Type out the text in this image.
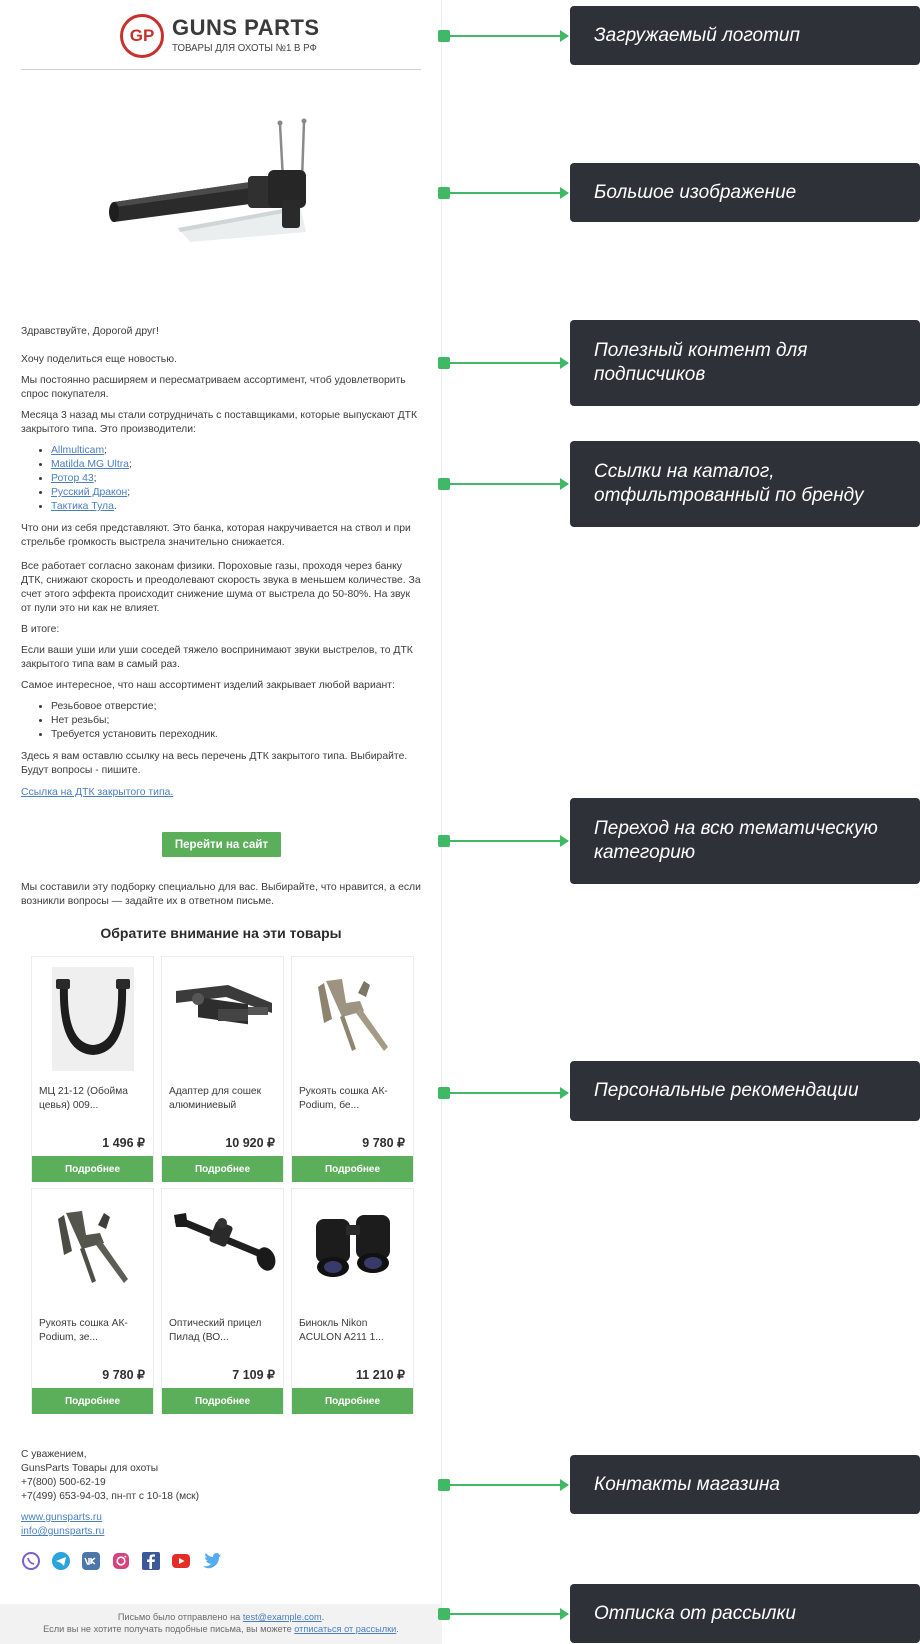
GP GUNS PARTS
ТОВАРЫ ДЛЯ ОХОТЫ №1 В РФ

Здравствуйте, Дорогой друг!

Хочу поделиться еще новостью.

Мы постоянно расширяем и пересматриваем ассортимент, чтоб удовлетворить спрос покупателя.

Месяца 3 назад мы стали сотрудничать с поставщиками, которые выпускают ДТК закрытого типа. Это производители:

• Allmulticam;
• Matilda MG Ultra;
• Ротор 43;
• Русский Дракон;
• Тактика Тула.

Что они из себя представляют. Это банка, которая накручивается на ствол и при стрельбе громкость выстрела значительно снижается.

Все работает согласно законам физики. Пороховые газы, проходя через банку ДТК, снижают скорость и преодолевают скорость звука в меньшем количестве. За счет этого эффекта происходит снижение шума от выстрела до 50-80%. На звук от пули это ни как не влияет.

В итоге:

Если ваши уши или уши соседей тяжело воспринимают звуки выстрелов, то ДТК закрытого типа вам в самый раз.

Самое интересное, что наш ассортимент изделий закрывает любой вариант:

• Резьбовое отверстие;
• Нет резьбы;
• Требуется установить переходник.

Здесь я вам оставлю ссылку на весь перечень ДТК закрытого типа. Выбирайте. Будут вопросы - пишите.

Ссылка на ДТК закрытого типа.

Перейти на сайт
Мы составили эту подборку специально для вас. Выбирайте, что нравится, а если возникли вопросы — задайте их в ответном письме.
Обратите внимание на эти товары
МЦ 21-12 (Обойма цевья) 009...
1 496 ₽
Подробнее
Адаптер для сошек алюминиевый
10 920 ₽
Подробнее
Рукоять сошка АК-Podium, бе...
9 780 ₽
Подробнее
Рукоять сошка АК-Podium, зе...
9 780 ₽
Подробнее
Оптический прицел Пилад (ВО...
7 109 ₽
Подробнее
Бинокль Nikon ACULON A211 1...
11 210 ₽
Подробнее
С уважением,
GunsParts Товары для охоты
+7(800) 500-62-19
+7(499) 653-94-03, пн-пт с 10-18 (мск)
www.gunsparts.ru
info@gunsparts.ru
Письмо было отправлено на test@example.com.
Если вы не хотите получать подобные письма, вы можете отписаться от рассылки.
Загружаемый логотип
Большое изображение
Полезный контент для подписчиков
Ссылки на каталог, отфильтрованный по бренду
Переход на всю тематическую категорию
Персональные рекомендации
Контакты магазина
Отписка от рассылки
